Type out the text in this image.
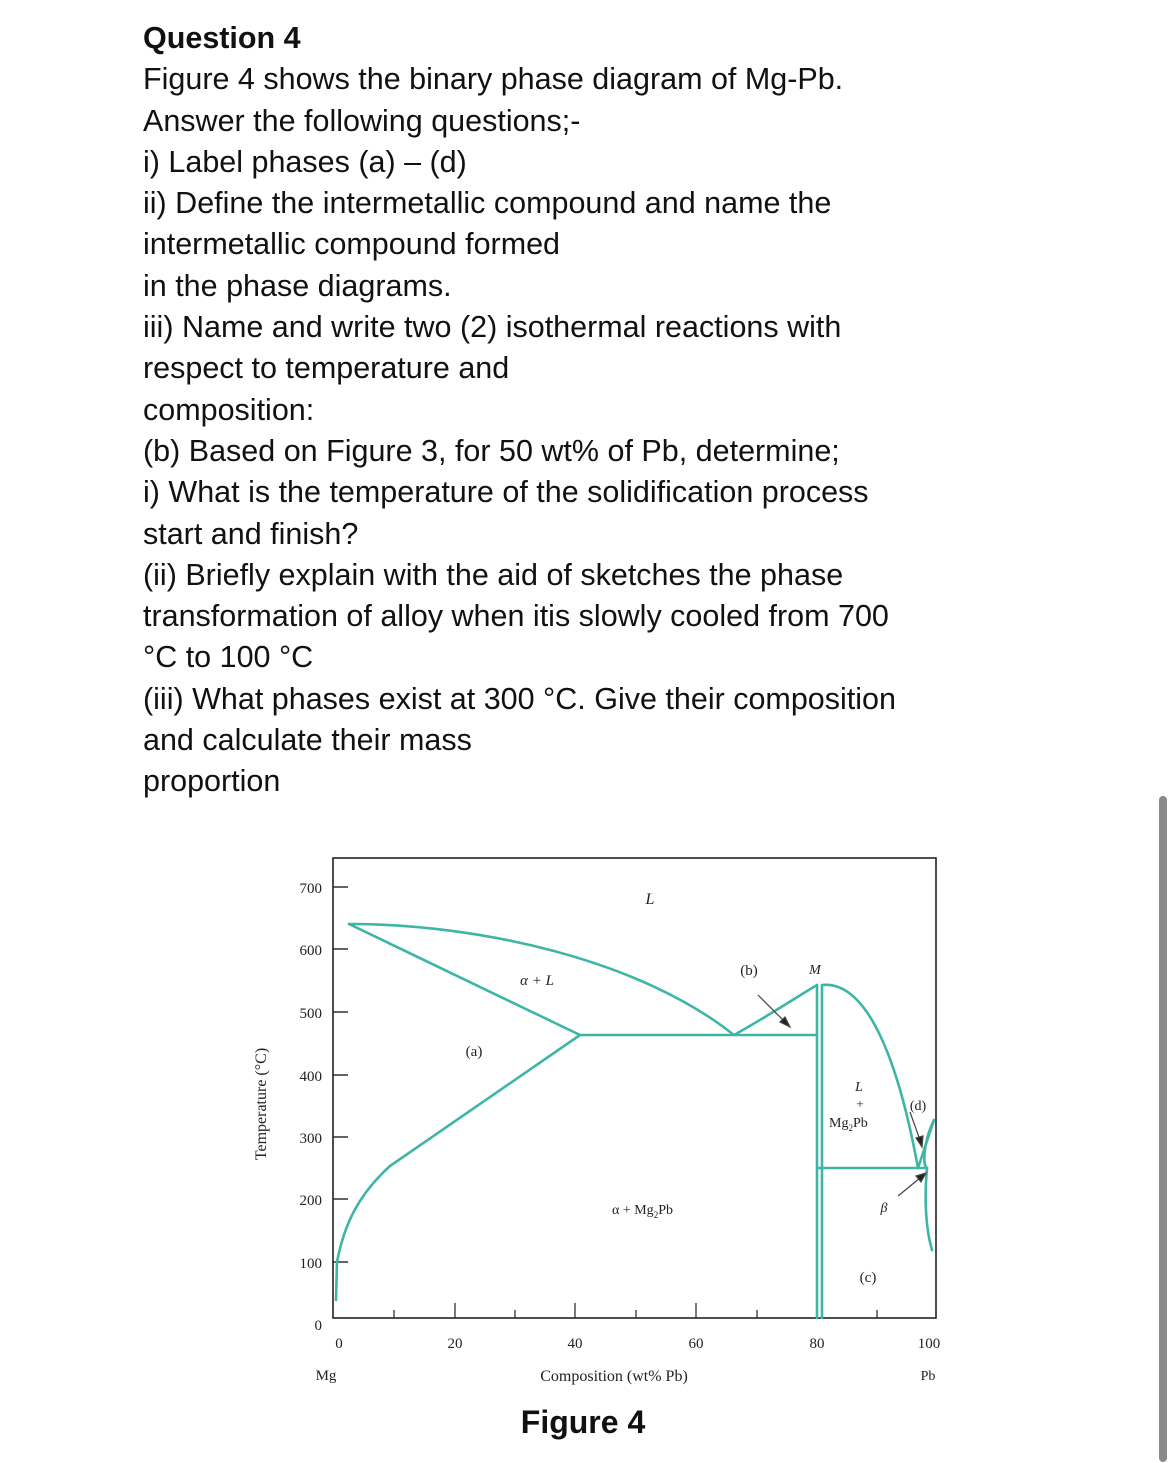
Question 4
Figure 4 shows the binary phase diagram of Mg-Pb.
Answer the following questions;-
i) Label phases (a) – (d)
ii) Define the intermetallic compound and name the
intermetallic compound formed
in the phase diagrams.
iii) Name and write two (2) isothermal reactions with
respect to temperature and
composition:
(b) Based on Figure 3, for 50 wt% of Pb, determine;
i) What is the temperature of the solidification process
start and finish?
(ii) Briefly explain with the aid of sketches the phase
transformation of alloy when itis slowly cooled from 700
°C to 100 °C
(iii) What phases exist at 300 °C. Give their composition
and calculate their mass
proportion
700
600
500
400
300
200
100
0
0	20	40	60	80	100
Mg	Pb
Composition (wt% Pb)
Temperature (°C)
L
α + L
(a)
(b)	M
L
+
$Mg_2Pb$
(d)
$\alpha + Mg_2Pb$	β
(c)
Figure 4
